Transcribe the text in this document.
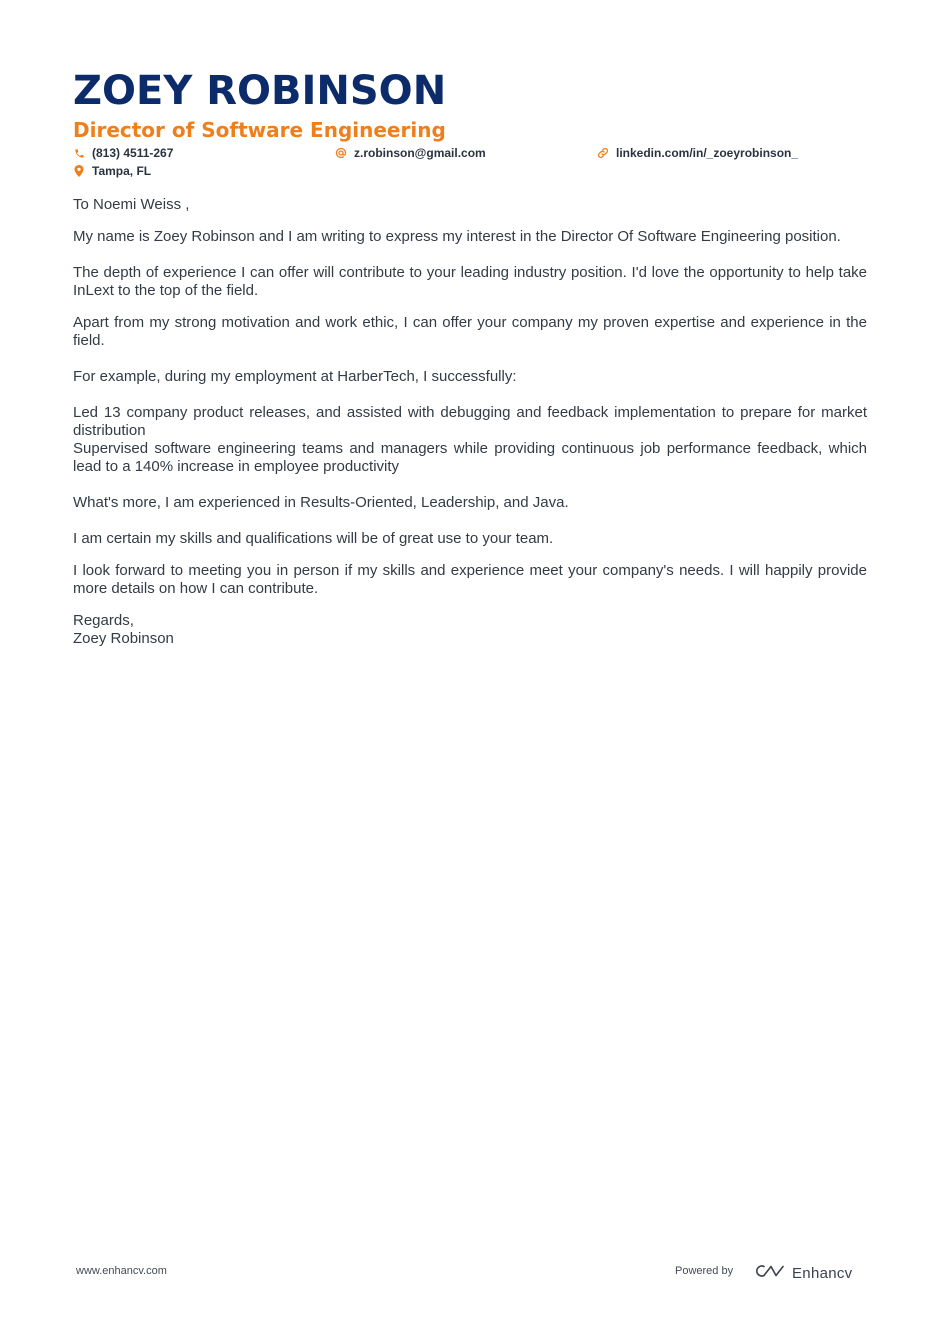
ZOEY ROBINSON
Director of Software Engineering
(813) 4511-267	z.robinson@gmail.com	linkedin.com/in/_zoeyrobinson_
Tampa, FL

To Noemi Weiss ,

My name is Zoey Robinson and I am writing to express my interest in the Director Of Software Engineering position.

The depth of experience I can offer will contribute to your leading industry position. I'd love the opportunity to help take InLext to the top of the field.

Apart from my strong motivation and work ethic, I can offer your company my proven expertise and experience in the field.

For example, during my employment at HarberTech, I successfully:

Led 13 company product releases, and assisted with debugging and feedback implementation to prepare for market distribution
Supervised software engineering teams and managers while providing continuous job performance feedback, which lead to a 140% increase in employee productivity

What's more, I am experienced in Results-Oriented, Leadership, and Java.

I am certain my skills and qualifications will be of great use to your team.

I look forward to meeting you in person if my skills and experience meet your company's needs. I will happily provide more details on how I can contribute.

Regards,

Zoey Robinson

www.enhancv.com	Powered by	Enhancv
